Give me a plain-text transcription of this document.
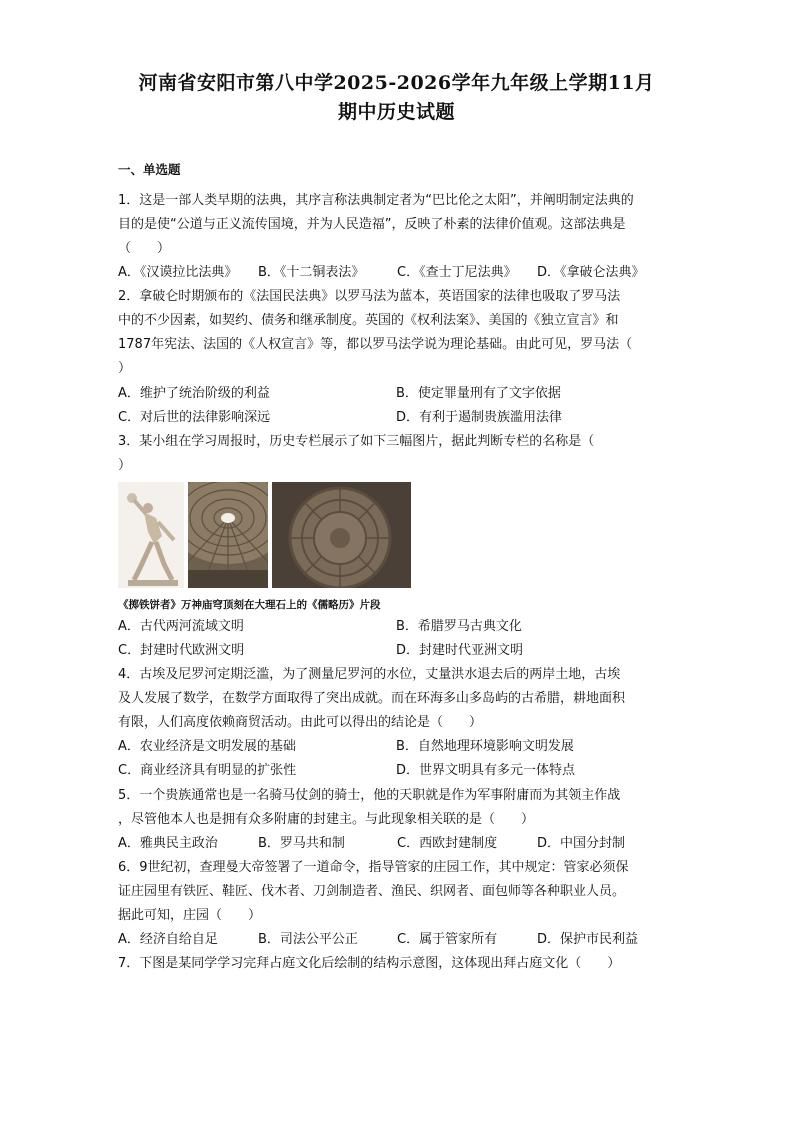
河南省安阳市第八中学2025-2026学年九年级上学期11月
期中历史试题
一、单选题
1．这是一部人类早期的法典，其序言称法典制定者为“巴比伦之太阳”，并阐明制定法典的
目的是使“公道与正义流传国境，并为人民造福”，反映了朴素的法律价值观。这部法典是
（　　）
A．《汉谟拉比法典》 B．《十二铜表法》	C．《查士丁尼法典》 D．《拿破仑法典》
2．拿破仑时期颁布的《法国民法典》以罗马法为蓝本，英语国家的法律也吸取了罗马法
中的不少因素，如契约、债务和继承制度。英国的《权利法案》、美国的《独立宣言》和
1787年宪法、法国的《人权宣言》等，都以罗马法学说为理论基础。由此可见，罗马法（
）
A．维护了统治阶级的利益	B．使定罪量刑有了文字依据
C．对后世的法律影响深远	D．有利于遏制贵族滥用法律
3．某小组在学习周报时，历史专栏展示了如下三幅图片，据此判断专栏的名称是（
）
《掷铁饼者》万神庙穹顶刻在大理石上的《儒略历》片段
A．古代两河流域文明	B．希腊罗马古典文化
C．封建时代欧洲文明	D．封建时代亚洲文明
4．古埃及尼罗河定期泛滥，为了测量尼罗河的水位，丈量洪水退去后的两岸土地，古埃
及人发展了数学，在数学方面取得了突出成就。而在环海多山多岛屿的古希腊，耕地面积
有限，人们高度依赖商贸活动。由此可以得出的结论是（　　）
A．农业经济是文明发展的基础	B．自然地理环境影响文明发展
C．商业经济具有明显的扩张性	D．世界文明具有多元一体特点
5．一个贵族通常也是一名骑马仗剑的骑士，他的天职就是作为军事附庸而为其领主作战
，尽管他本人也是拥有众多附庸的封建主。与此现象相关联的是（　　）
A．雅典民主政治	B．罗马共和制	C．西欧封建制度	D．中国分封制
6．9世纪初，查理曼大帝签署了一道命令，指导管家的庄园工作，其中规定：管家必须保
证庄园里有铁匠、鞋匠、伐木者、刀剑制造者、渔民、织网者、面包师等各种职业人员。
据此可知，庄园（　　）
A．经济自给自足	B．司法公平公正	C．属于管家所有	D．保护市民利益
7．下图是某同学学习完拜占庭文化后绘制的结构示意图，这体现出拜占庭文化（　　）
